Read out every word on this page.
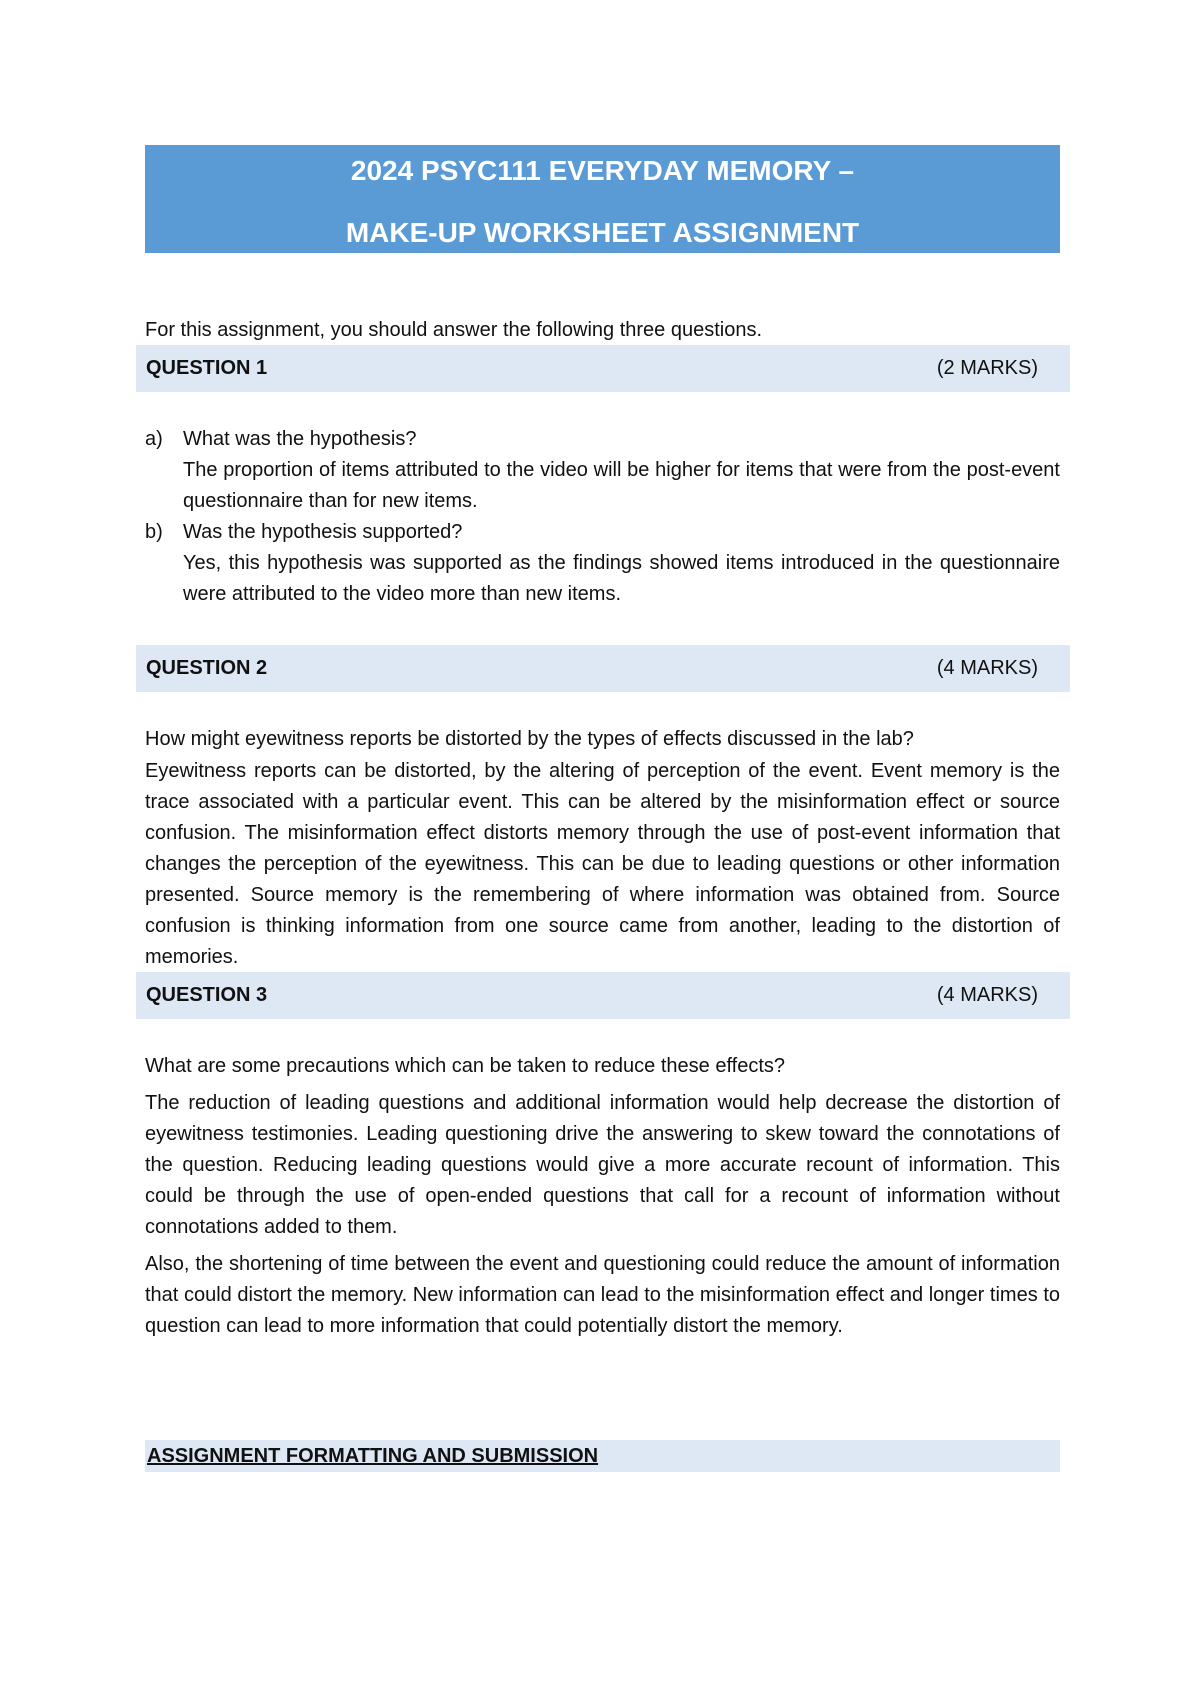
2024 PSYC111 EVERYDAY MEMORY –
MAKE-UP WORKSHEET ASSIGNMENT
For this assignment, you should answer the following three questions.
QUESTION 1	(2 MARKS)
a)	What was the hypothesis?
The proportion of items attributed to the video will be higher for items that were from the post-event questionnaire than for new items.
b)	Was the hypothesis supported?
Yes, this hypothesis was supported as the findings showed items introduced in the questionnaire were attributed to the video more than new items.
QUESTION 2	(4 MARKS)

How might eyewitness reports be distorted by the types of effects discussed in the lab?

Eyewitness reports can be distorted, by the altering of perception of the event. Event memory is the trace associated with a particular event. This can be altered by the misinformation effect or source confusion. The misinformation effect distorts memory through the use of post-event information that changes the perception of the eyewitness. This can be due to leading questions or other information presented. Source memory is the remembering of where information was obtained from. Source confusion is thinking information from one source came from another, leading to the distortion of memories.

QUESTION 3	(4 MARKS)

What are some precautions which can be taken to reduce these effects?

The reduction of leading questions and additional information would help decrease the distortion of eyewitness testimonies. Leading questioning drive the answering to skew toward the connotations of the question. Reducing leading questions would give a more accurate recount of information. This could be through the use of open-ended questions that call for a recount of information without connotations added to them.

Also, the shortening of time between the event and questioning could reduce the amount of information that could distort the memory. New information can lead to the misinformation effect and longer times to question can lead to more information that could potentially distort the memory.

ASSIGNMENT FORMATTING AND SUBMISSION
